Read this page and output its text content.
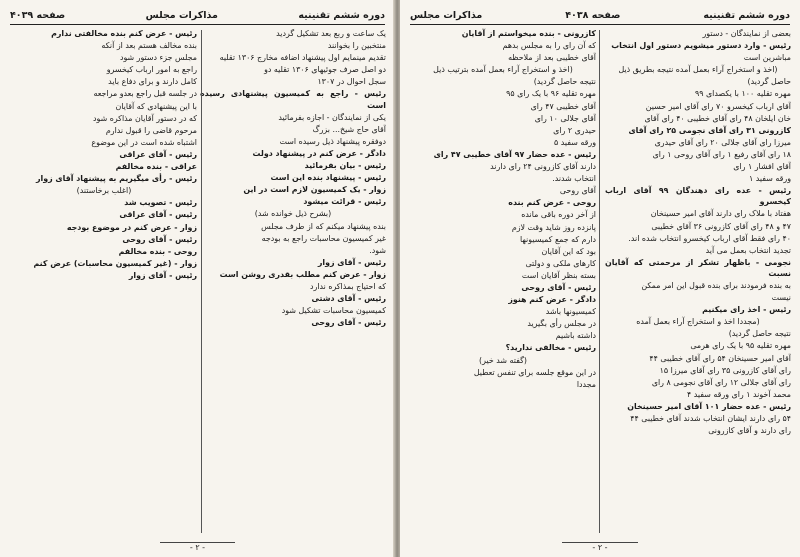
دوره ششم تقنینیه
مذاکرات مجلس
صفحه ۴۰۳۹

یک ساعت و ربع بعد تشکیل گردید

منتخبین را بخوانند

تقدیم مینمایم اول پیشنهاد اضافه مخارج ۱۳۰۶ تقلیه

دو اصل صرف جوئیهای ۱۳۰۶ تقلیه دو

سجل احوال در ۱۳۰۷

رئیس - راجع به کمیسیون پیشنهادی رسیده است

یکی از نمایندگان - اجازه بفرمائید

آقای حاج شیخ... بزرگ

دوفقره پیشنهاد ذیل رسیده است

دادگر - عرض کنم در پیشنهاد دولت

رئیس - بیان بفرمائید

رئیس - پیشنهاد بنده این است

زوار - یک کمیسیون لازم است در این

رئیس - قرائت میشود

(بشرح ذیل خوانده شد)

بنده پیشنهاد میکنم که از طرف مجلس

غیر کمیسیون محاسبات راجع به بودجه

شود.

رئیس - آقای زوار

زوار - عرض کنم مطلب بقدری روشن است

که احتیاج بمذاکره ندارد

رئیس - آقای دشتی

کمیسیون محاسبات تشکیل شود

رئیس - آقای روحی

رئیس - عرض کنم بنده مخالفتی ندارم

بنده مخالف هستم بعد از آنکه

مجلس جزء دستور شود

راجع به امور ارباب کیخسرو

کامل دارند و برای دفاع باید

در جلسه قبل راجع بعدو مراجعه

با این پیشنهادی که آقایان

که در دستور آقایان مذاکره شود

مرحوم قاضی را قبول ندارم

اشتباه شده است در این موضوع

رئیس - آقای عراقی

عراقی - بنده مخالفم

رئیس - رأی میگیریم به پیشنهاد آقای زوار

(اغلب برخاستند)

رئیس - تصویب شد

رئیس - آقای عراقی

زوار - عرض کنم در موضوع بودجه

رئیس - آقای روحی

روحی - بنده مخالفم

زوار - (غیر کمیسیون محاسبات) عرض کنم

رئیس - آقای زوار

- ۲ -
دوره ششم تقنینیه
صفحه ۴۰۳۸
مذاکرات مجلس

بعضی از نمایندگان - دستور

رئیس - وارد دستور میشویم دستور اول انتخاب

مباشرین است

(اخذ و استخراج آراء بعمل آمده نتیجه بطریق ذیل

حاصل گردید)

مهره تقلیه ۱۰۰ با یکصدای ۹۹

آقای ارباب کیخسرو ۷۰ رای آقای امیر حسین

خان ایلخان ۴۸ رای آقای خطیبی ۴۰ رای آقای

کازرونی ۳۱ رای آقای نجومی ۲۵ رای آقای

میرزا رای آقای جلالی ۲۰ رای آقای حیدری

۱۸ رای آقای رفیع ۱ رای آقای روحی ۱ رای

آقای افشار ۱ رای

ورقه سفید ۱

رئیس - عده رای دهندگان ۹۹ آقای ارباب کیخسرو

هفتاد با ملاک رای دارند آقای امیر حسینخان

۴۷ و ۴۸ رای آقای کازرونی ۳۶ آقای خطیبی

۴۰ رای فقط آقای ارباب کیخسرو انتخاب شده اند.

تجدید انتخاب بعمل می آید

نجومی - باظهار تشکر از مرحمتی که آقایان نسبت

به بنده فرمودند برای بنده قبول این امر ممکن

نیست

رئیس - اخذ رای میکنیم

(مجددا اخذ و استخراج آراء بعمل آمده

نتیجه حاصل گردید)

مهره تقلیه ۹۵ با یک رای هرمی

آقای امیر حسینخان ۵۴ رای آقای خطیبی ۴۴

رای آقای کازرونی ۳۵ رای آقای میرزا ۱۵

رای آقای جلالی ۱۲ رای آقای نجومی ۸ رای

محمد آخوند ۱ رای ورقه سفید ۴

رئیس - عده حضار ۱۰۱ آقای امیر حسینخان

۵۴ رای دارند ایشان انتخاب شدند آقای خطیبی ۴۴

رای دارند و آقای کازرونی

کازرونی - بنده میخواستم از آقایان

که آن رای را به مجلس بدهم

آقای خطیبی بعد از ملاحظه

(اخذ و استخراج آراء بعمل آمده بترتیب ذیل

نتیجه حاصل گردید)

مهره تقلیه ۹۶ با یک رای ۹۵

آقای خطیبی ۴۷ رای

آقای جلالی ۱۰ رای

حیدری ۲ رای

ورقه سفید ۵

رئیس - عده حضار ۹۷ آقای خطیبی ۴۷ رای

دارند آقای کازرونی ۲۴ رای دارند

انتخاب شدند.

آقای روحی

روحی - عرض کنم بنده

از آخر دوره باقی مانده

پانزده روز شاید وقت لازم

دارم که جمع کمیسیونها

بود که این آقایان

کارهای ملکی و دولتی

بسته بنظر آقایان است

رئیس - آقای روحی

دادگر - عرض کنم هنوز

کمیسیونها باشد

در مجلس رأی بگیرید

داشته باشیم

رئیس - مخالفی ندارید؟

(گفته شد خیر)

در این موقع جلسه برای تنفس تعطیل

مجددا

- ۲ -
